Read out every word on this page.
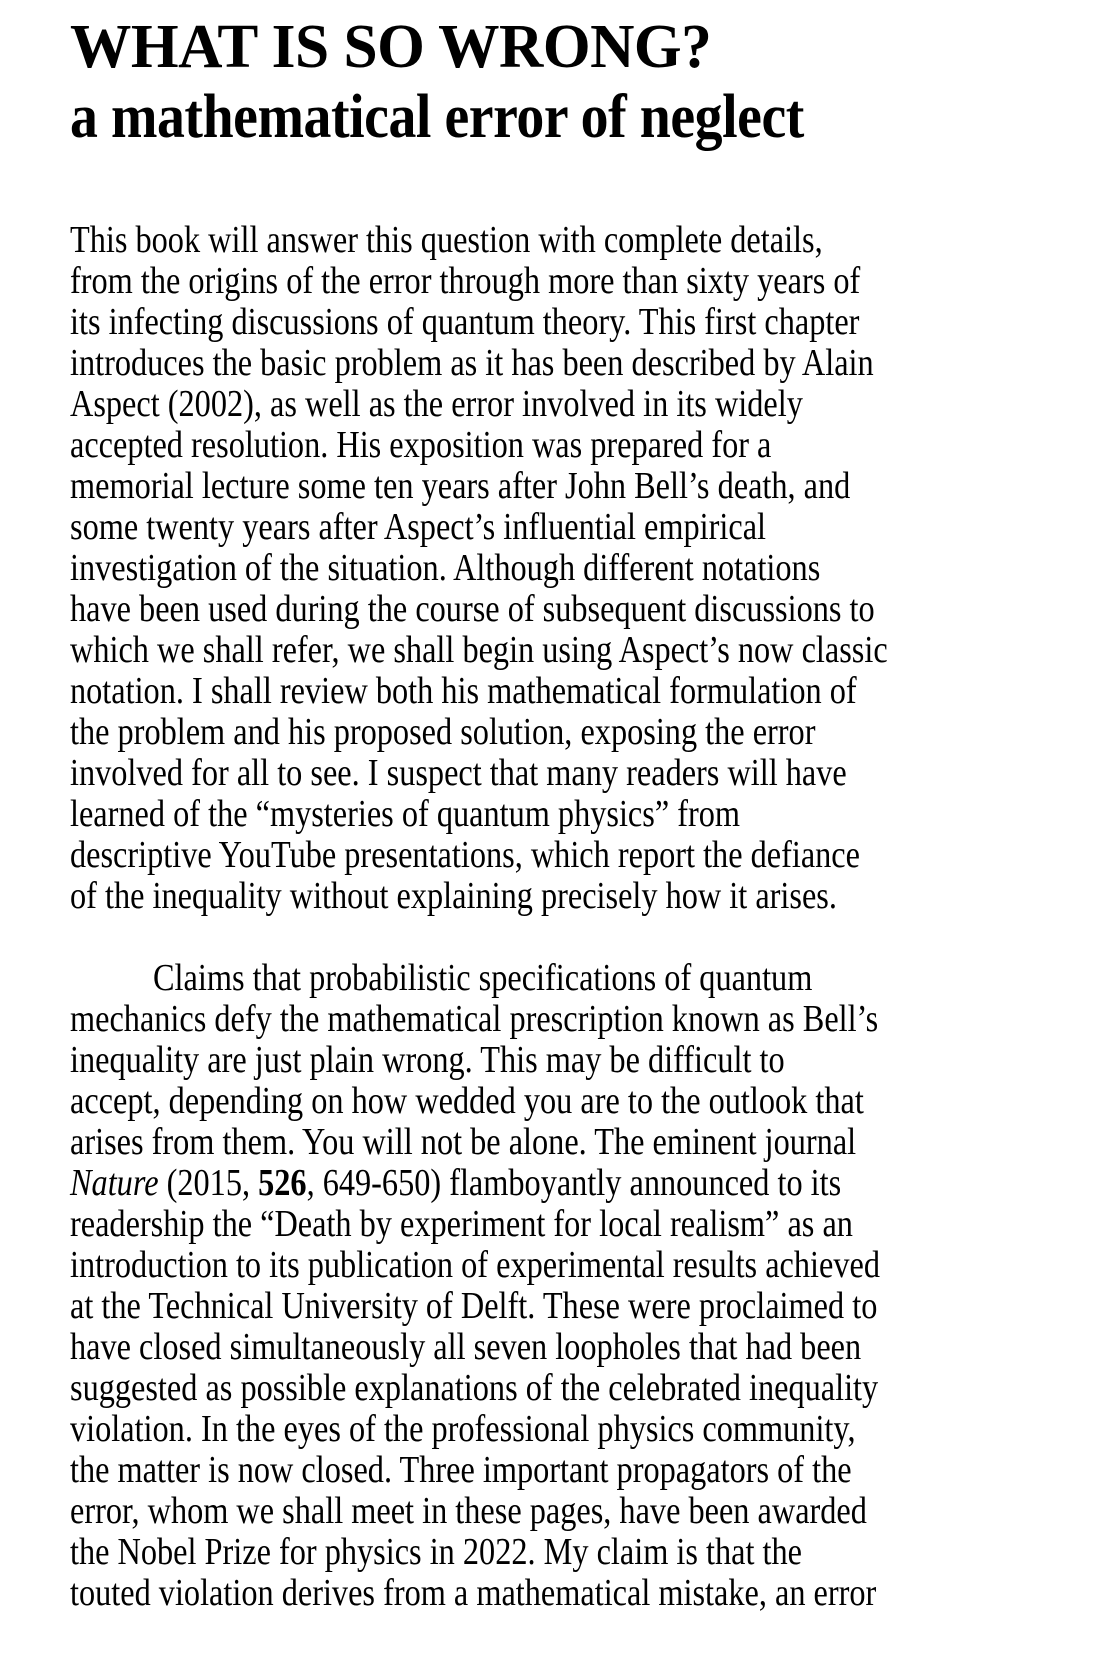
WHAT IS SO WRONG?
a mathematical error of neglect
This book will answer this question with complete details,
from the origins of the error through more than sixty years of
its infecting discussions of quantum theory. This first chapter
introduces the basic problem as it has been described by Alain
Aspect (2002), as well as the error involved in its widely
accepted resolution. His exposition was prepared for a
memorial lecture some ten years after John Bell’s death, and
some twenty years after Aspect’s influential empirical
investigation of the situation. Although different notations
have been used during the course of subsequent discussions to
which we shall refer, we shall begin using Aspect’s now classic
notation. I shall review both his mathematical formulation of
the problem and his proposed solution, exposing the error
involved for all to see. I suspect that many readers will have
learned of the “mysteries of quantum physics” from
descriptive YouTube presentations, which report the defiance
of the inequality without explaining precisely how it arises.
Claims that probabilistic specifications of quantum
mechanics defy the mathematical prescription known as Bell’s
inequality are just plain wrong. This may be difficult to
accept, depending on how wedded you are to the outlook that
arises from them. You will not be alone. The eminent journal
Nature (2015, 526, 649-650) flamboyantly announced to its
readership the “Death by experiment for local realism” as an
introduction to its publication of experimental results achieved
at the Technical University of Delft. These were proclaimed to
have closed simultaneously all seven loopholes that had been
suggested as possible explanations of the celebrated inequality
violation. In the eyes of the professional physics community,
the matter is now closed. Three important propagators of the
error, whom we shall meet in these pages, have been awarded
the Nobel Prize for physics in 2022. My claim is that the
touted violation derives from a mathematical mistake, an error
